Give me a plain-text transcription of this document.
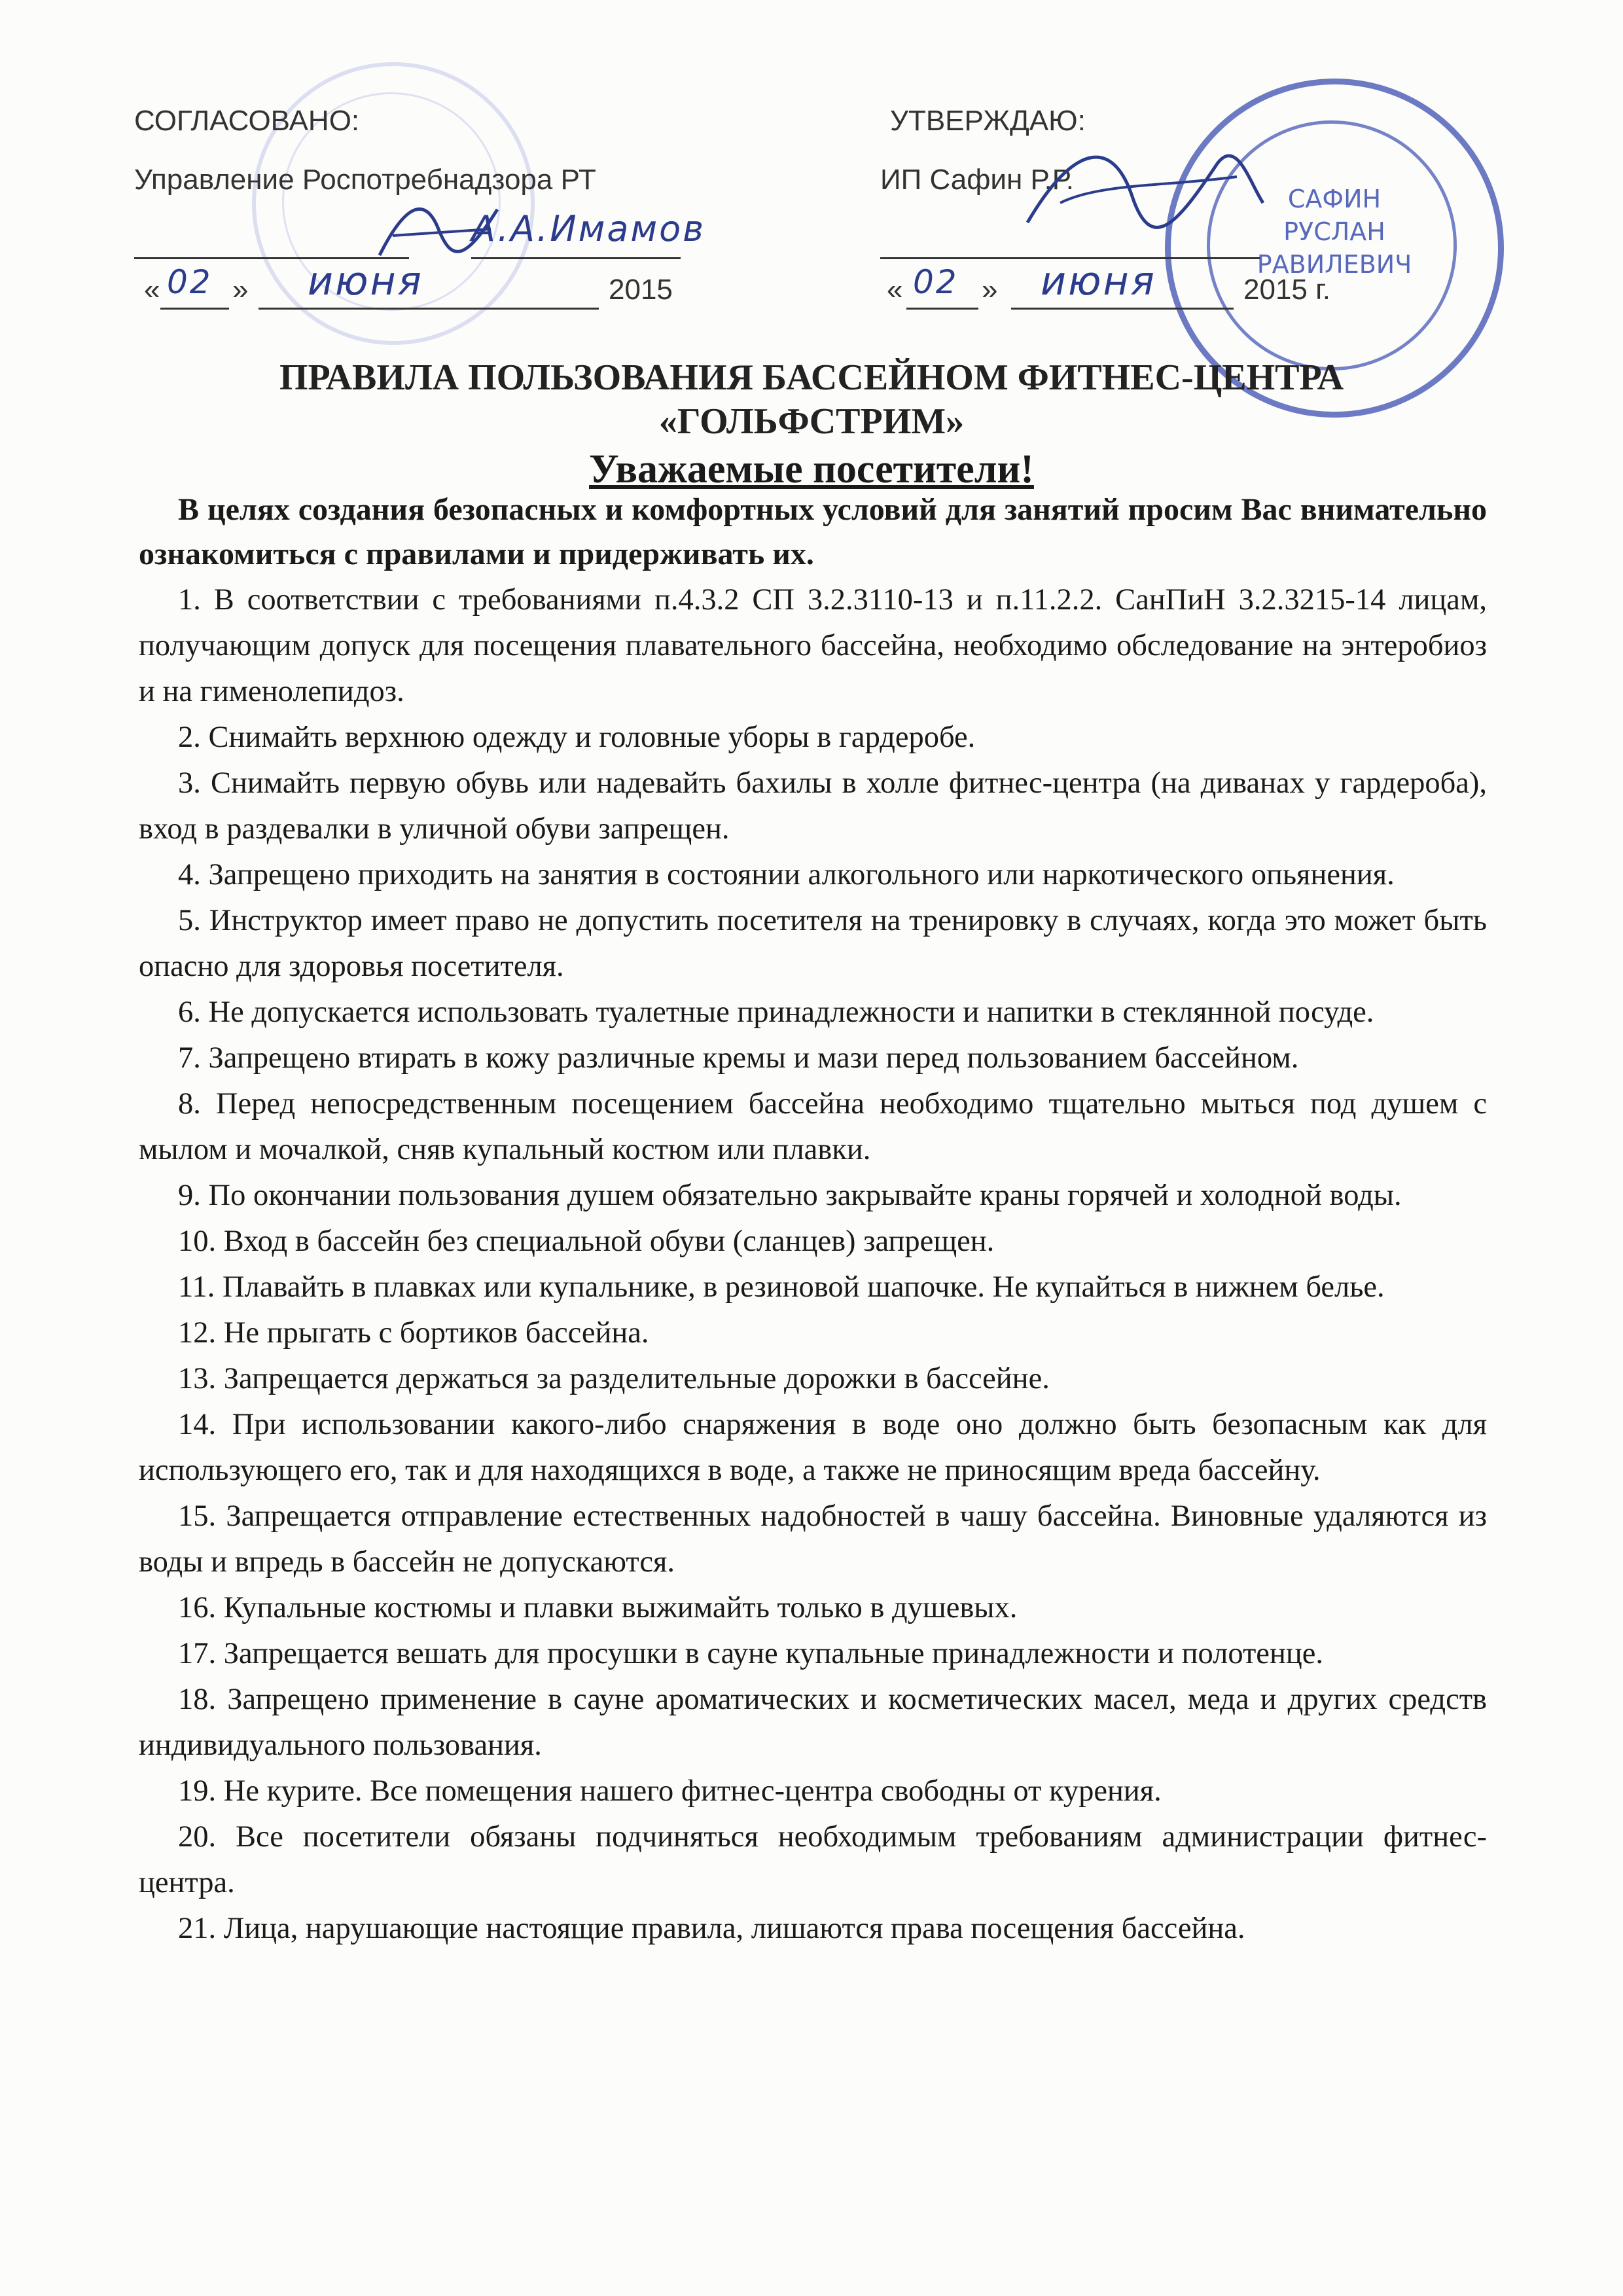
САФИН
РУСЛАН
РАВИЛЕВИЧ
СОГЛАСОВАНО:
Управление Роспотребнадзора РТ
А.А.Имамов
« 02 » июня	2015
УТВЕРЖДАЮ:
ИП Сафин Р.Р.
« 02 » июня	2015 г.
ПРАВИЛА ПОЛЬЗОВАНИЯ БАССЕЙНОМ ФИТНЕС-ЦЕНТРА
«ГОЛЬФСТРИМ»
Уважаемые посетители!
В целях создания безопасных и комфортных условий для занятий просим Вас внимательно ознакомиться с правилами и придерживать их.

1. В соответствии с требованиями п.4.3.2 СП 3.2.3110-13 и п.11.2.2. СанПиН 3.2.3215-14 лицам, получающим допуск для посещения плавательного бассейна, необходимо обследование на энтеробиоз и на гименолепидоз.

2. Снимайть верхнюю одежду и головные уборы в гардеробе.

3. Снимайть первую обувь или надевайть бахилы в холле фитнес-центра (на диванах у гардероба), вход в раздевалки в уличной обуви запрещен.

4. Запрещено приходить на занятия в состоянии алкогольного или наркотического опьянения.

5. Инструктор имеет право не допустить посетителя на тренировку в случаях, когда это может быть опасно для здоровья посетителя.

6. Не допускается использовать туалетные принадлежности и напитки в стеклянной посуде.

7. Запрещено втирать в кожу различные кремы и мази перед пользованием бассейном.

8. Перед непосредственным посещением бассейна необходимо тщательно мыться под душем с мылом и мочалкой, сняв купальный костюм или плавки.

9. По окончании пользования душем обязательно закрывайте краны горячей и холодной воды.

10. Вход в бассейн без специальной обуви (сланцев) запрещен.

11. Плавайть в плавках или купальнике, в резиновой шапочке. Не купайться в нижнем белье.

12. Не прыгать с бортиков бассейна.

13. Запрещается держаться за разделительные дорожки в бассейне.

14. При использовании какого-либо снаряжения в воде оно должно быть безопасным как для использующего его, так и для находящихся в воде, а также не приносящим вреда бассейну.

15. Запрещается отправление естественных надобностей в чашу бассейна. Виновные удаляются из воды и впредь в бассейн не допускаются.

16. Купальные костюмы и плавки выжимайть только в душевых.

17. Запрещается вешать для просушки в сауне купальные принадлежности и полотенце.

18. Запрещено применение в сауне ароматических и косметических масел, меда и других средств индивидуального пользования.

19. Не курите. Все помещения нашего фитнес-центра свободны от курения.

20. Все посетители обязаны подчиняться необходимым требованиям администрации фитнес-центра.

21. Лица, нарушающие настоящие правила, лишаются права посещения бассейна.
